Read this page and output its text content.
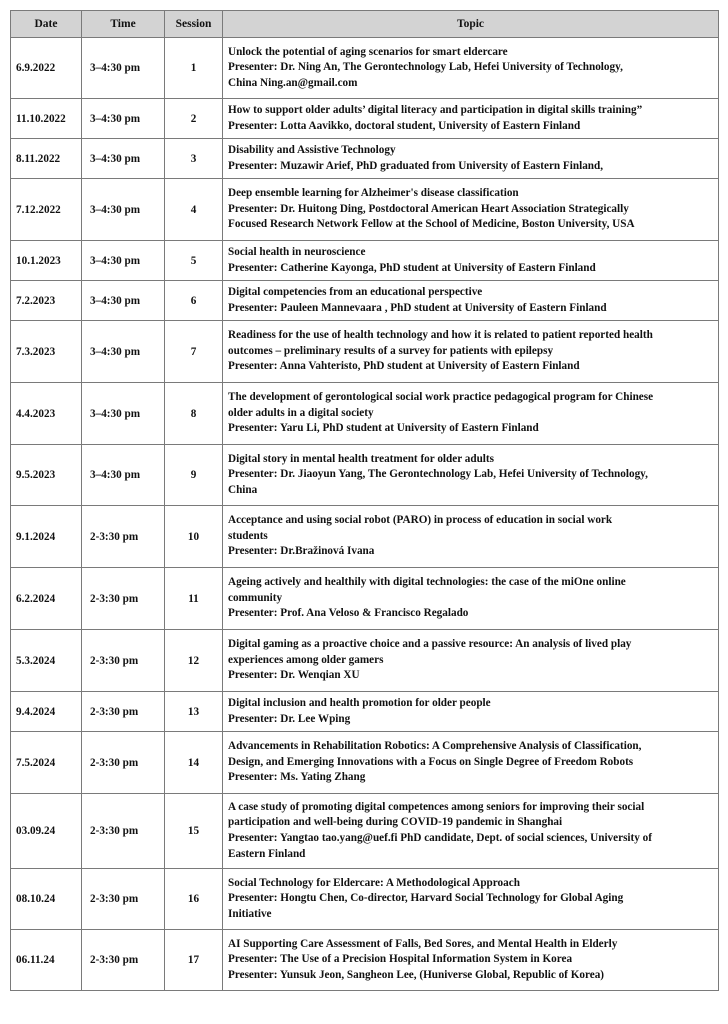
Date	Time	Session	Topic
6.9.2022	3–4:30 pm	1	Unlock the potential of aging scenarios for smart eldercare
Presenter: Dr. Ning An, The Gerontechnology Lab, Hefei University of Technology,
China Ning.an@gmail.com

11.10.2022	3–4:30 pm	2	How to support older adults’ digital literacy and participation in digital skills training”
Presenter: Lotta Aavikko, doctoral student, University of Eastern Finland

8.11.2022	3–4:30 pm	3	Disability and Assistive Technology
Presenter: Muzawir Arief, PhD graduated from University of Eastern Finland,

7.12.2022	3–4:30 pm	4	Deep ensemble learning for Alzheimer's disease classification
Presenter: Dr. Huitong Ding, Postdoctoral American Heart Association Strategically
Focused Research Network Fellow at the School of Medicine, Boston University, USA

10.1.2023	3–4:30 pm	5	Social health in neuroscience
Presenter: Catherine Kayonga, PhD student at University of Eastern Finland

7.2.2023	3–4:30 pm	6	Digital competencies from an educational perspective
Presenter: Pauleen Mannevaara , PhD student at University of Eastern Finland

7.3.2023	3–4:30 pm	7	Readiness for the use of health technology and how it is related to patient reported health
outcomes – preliminary results of a survey for patients with epilepsy
Presenter: Anna Vahteristo, PhD student at University of Eastern Finland

4.4.2023	3–4:30 pm	8	The development of gerontological social work practice pedagogical program for Chinese
older adults in a digital society
Presenter: Yaru Li, PhD student at University of Eastern Finland

9.5.2023	3–4:30 pm	9	Digital story in mental health treatment for older adults
Presenter: Dr. Jiaoyun Yang, The Gerontechnology Lab, Hefei University of Technology,
China

9.1.2024	2-3:30 pm	10	Acceptance and using social robot (PARO) in process of education in social work
students
Presenter: Dr.Bražinová Ivana

6.2.2024	2-3:30 pm	11	Ageing actively and healthily with digital technologies: the case of the miOne online
community
Presenter: Prof. Ana Veloso & Francisco Regalado

5.3.2024	2-3:30 pm	12	Digital gaming as a proactive choice and a passive resource: An analysis of lived play
experiences among older gamers
Presenter: Dr. Wenqian XU

9.4.2024	2-3:30 pm	13	Digital inclusion and health promotion for older people
Presenter: Dr. Lee Wping

7.5.2024	2-3:30 pm	14	Advancements in Rehabilitation Robotics: A Comprehensive Analysis of Classification,
Design, and Emerging Innovations with a Focus on Single Degree of Freedom Robots
Presenter: Ms. Yating Zhang

03.09.24	2-3:30 pm	15	A case study of promoting digital competences among seniors for improving their social
participation and well-being during COVID-19 pandemic in Shanghai
Presenter: Yangtao tao.yang@uef.fi PhD candidate, Dept. of social sciences, University of
Eastern Finland

08.10.24	2-3:30 pm	16	Social Technology for Eldercare: A Methodological Approach
Presenter: Hongtu Chen, Co-director, Harvard Social Technology for Global Aging
Initiative

06.11.24	2-3:30 pm	17	AI Supporting Care Assessment of Falls, Bed Sores, and Mental Health in Elderly
Presenter: The Use of a Precision Hospital Information System in Korea
Presenter: Yunsuk Jeon, Sangheon Lee, (Huniverse Global, Republic of Korea)
